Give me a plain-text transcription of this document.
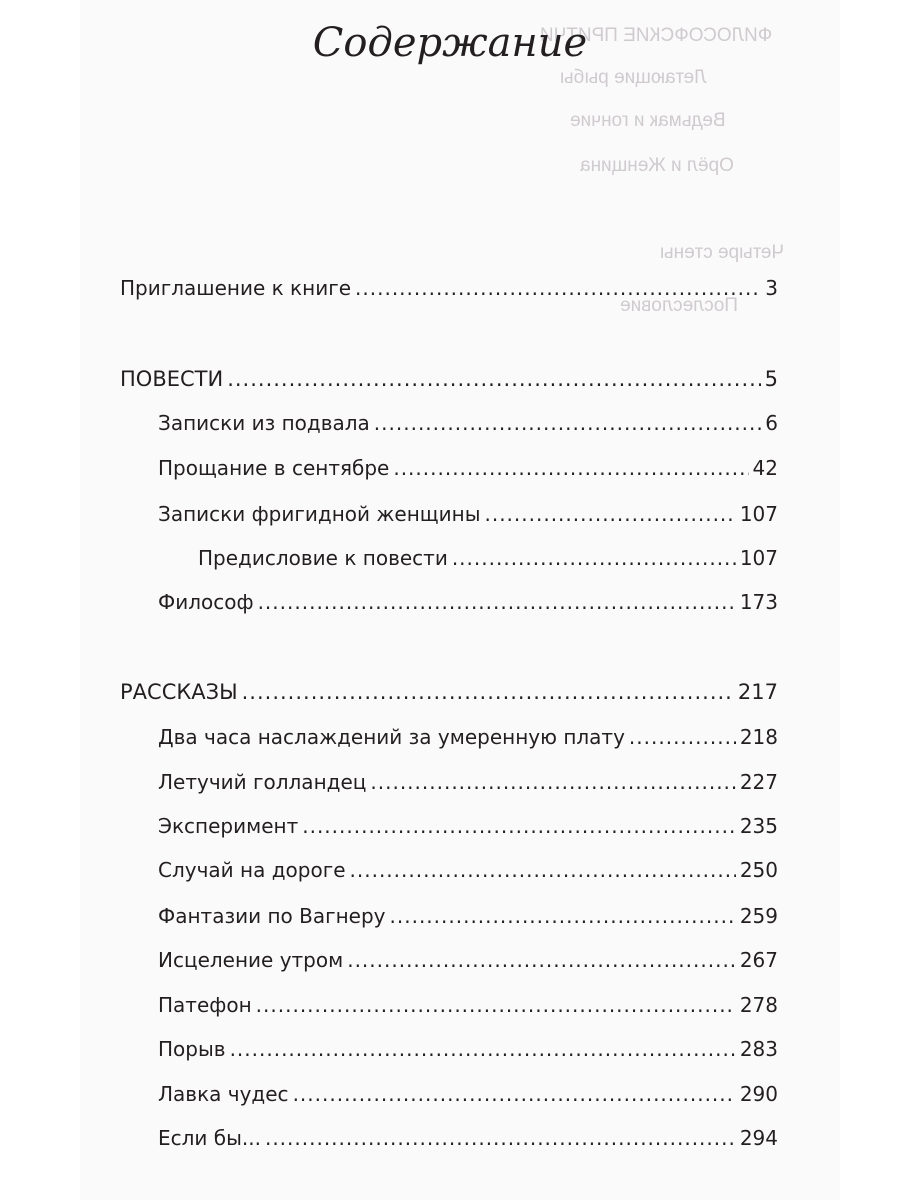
ФИЛОСОФСКИЕ ПРИТЧИ
Летающие рыбы
Ведьмак и гончие
Орёл и Женщина
Четыре стены
Послесловие
Содержание
Приглашение к книге .....	3
ПОВЕСТИ .....	5
Записки из подвала .....	6
Прощание в сентябре .....	42
Записки фригидной женщины .....	107
Предисловие к повести .....	107
Философ .....	173
РАССКАЗЫ .....	217
Два часа наслаждений за умеренную плату .....	218
Летучий голландец .....	227
Эксперимент .....	235
Случай на дороге .....	250
Фантазии по Вагнеру .....	259
Исцеление утром .....	267
Патефон .....	278
Порыв .....	283
Лавка чудес .....	290
Если бы... .....	294
